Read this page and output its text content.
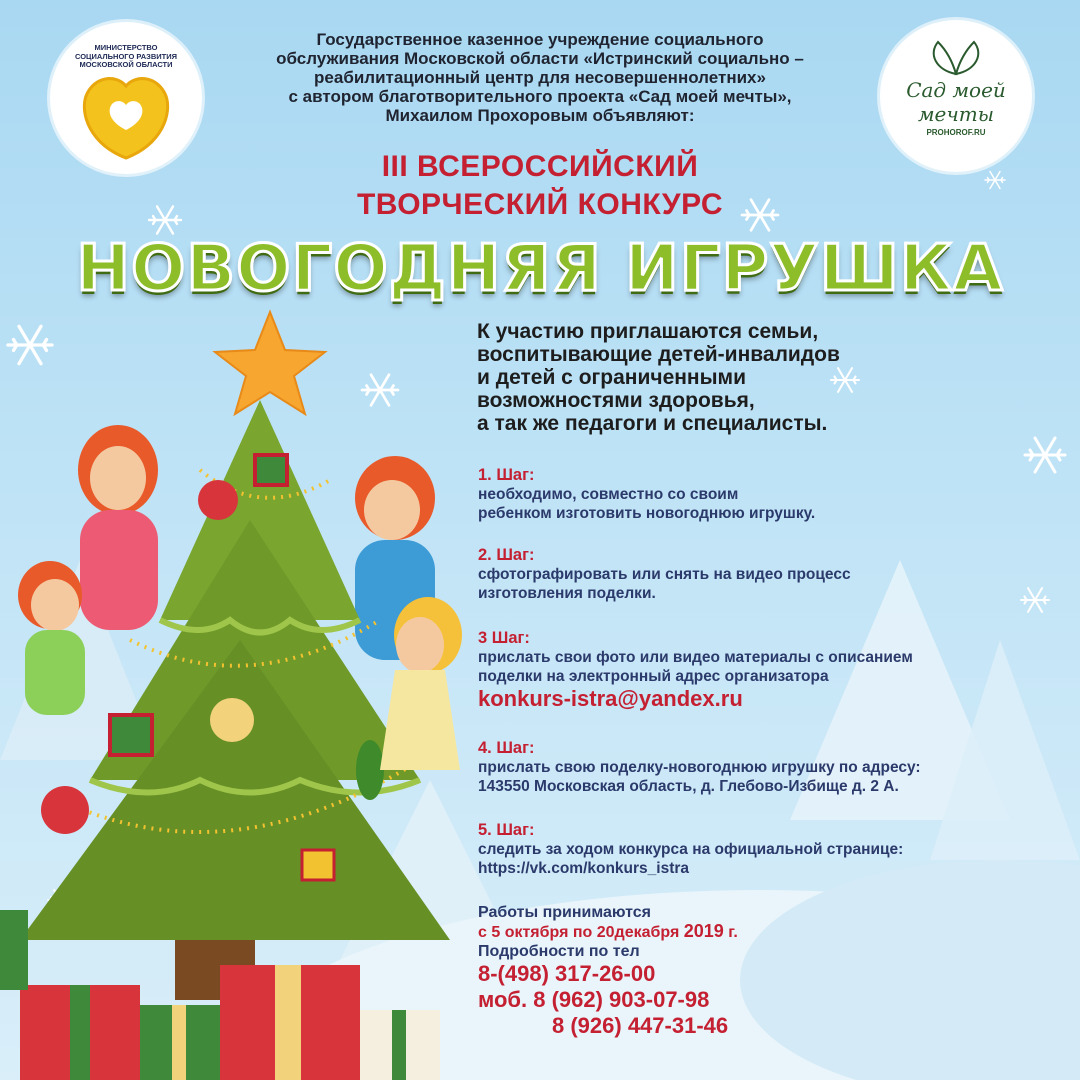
МИНИСТЕРСТВО
СОЦИАЛЬНОГО РАЗВИТИЯ
МОСКОВСКОЙ ОБЛАСТИ
Сад моей
мечты
PROHOROF.RU
Государственное казенное учреждение социального
обслуживания Московской области «Истринский социально –
реабилитационный центр для несовершеннолетних»
с автором благотворительного проекта «Сад моей мечты»,
Михаилом Прохоровым объявляют:
III ВСЕРОССИЙСКИЙ
ТВОРЧЕСКИЙ КОНКУРС
НОВОГОДНЯЯ ИГРУШКА
К участию приглашаются семьи,
воспитывающие детей-инвалидов
и детей с ограниченными
возможностями здоровья,
а так же педагоги и специалисты.
1. Шаг:
необходимо, совместно со своим
ребенком изготовить новогоднюю игрушку.
2. Шаг:
сфотографировать или снять на видео процесс
изготовления поделки.
3 Шаг:
прислать свои фото или видео материалы с описанием
поделки на электронный адрес организатора
konkurs-istra@yandex.ru
4. Шаг:
прислать свою поделку-новогоднюю игрушку по адресу:
143550 Московская область, д. Глебово-Избище д. 2 А.
5. Шаг:
следить за ходом конкурса на официальной странице:
https://vk.com/konkurs_istra
Работы принимаются
с 5 октября по 20декабря 2019 г.
Подробности по тел
8-(498) 317-26-00
моб. 8 (962) 903-07-98
8 (926) 447-31-46
